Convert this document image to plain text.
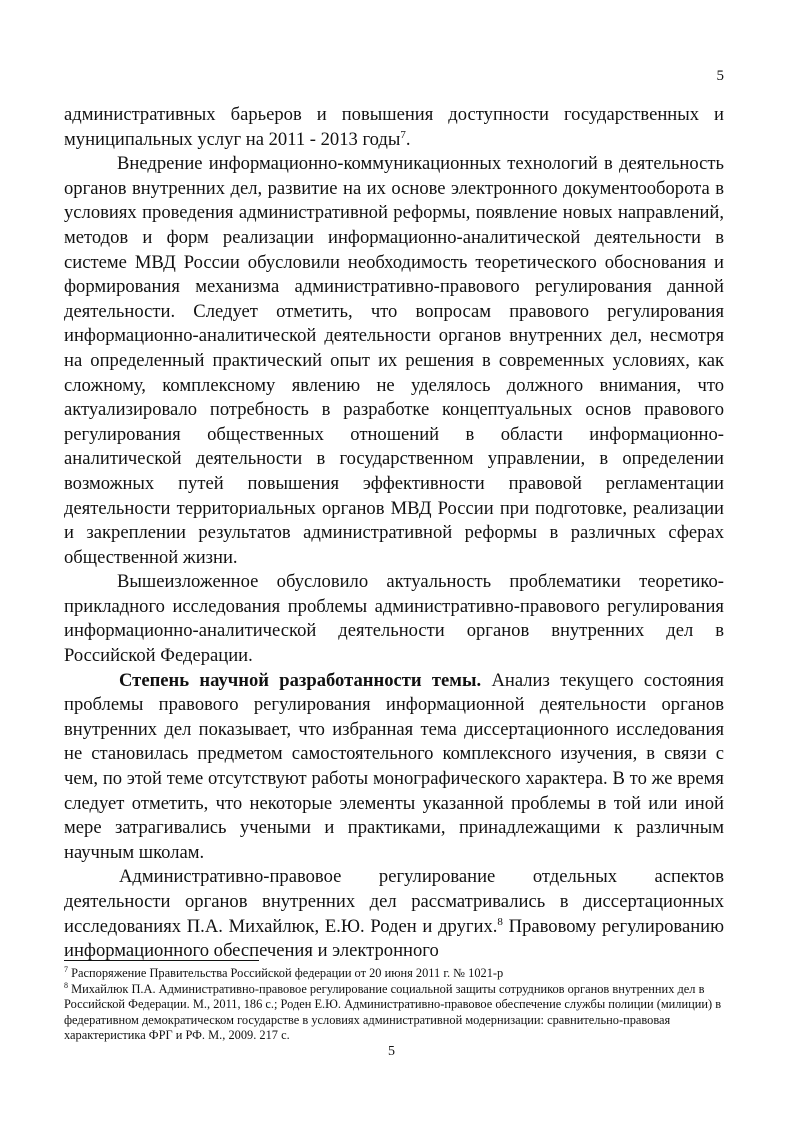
5

административных барьеров и повышения доступности государственных и муниципальных услуг на 2011 - 2013 годы$^7$.

Внедрение информационно-коммуникационных технологий в деятельность органов внутренних дел, развитие на их основе электронного документооборота в условиях проведения административной реформы, появление новых направлений, методов и форм реализации информационно-аналитической деятельности в системе МВД России обусловили необходимость теоретического обоснования и формирования механизма административно-правового регулирования данной деятельности. Следует отметить, что вопросам правового регулирования информационно-аналитической деятельности органов внутренних дел, несмотря на определенный практический опыт их решения в современных условиях, как сложному, комплексному явлению не уделялось должного внимания, что актуализировало потребность в разработке концептуальных основ правового регулирования общественных отношений в области информационно-аналитической деятельности в государственном управлении, в определении возможных путей повышения эффективности правовой регламентации деятельности территориальных органов МВД России при подготовке, реализации и закреплении результатов административной реформы в различных сферах общественной жизни.

Вышеизложенное обусловило актуальность проблематики теоретико-прикладного исследования проблемы административно-правового регулирования информационно-аналитической деятельности органов внутренних дел в Российской Федерации.

Степень научной разработанности темы. Анализ текущего состояния проблемы правового регулирования информационной деятельности органов внутренних дел показывает, что избранная тема диссертационного исследования не становилась предметом самостоятельного комплексного изучения, в связи с чем, по этой теме отсутствуют работы монографического характера. В то же время следует отметить, что некоторые элементы указанной проблемы в той или иной мере затрагивались учеными и практиками, принадлежащими к различным научным школам.

Административно-правовое регулирование отдельных аспектов деятельности органов внутренних дел рассматривались в диссертационных исследованиях П.А. Михайлюк, Е.Ю. Роден и других.$^8$ Правовому регулированию информационного обеспечения и электронного

$^7$ Распоряжение Правительства Российской федерации от 20 июня 2011 г. № 1021-р

$^8$ Михайлюк П.А. Административно-правовое регулирование социальной защиты сотрудников органов внутренних дел в Российской Федерации. М., 2011, 186 с.; Роден Е.Ю. Административно-правовое обеспечение службы полиции (милиции) в федеративном демократическом государстве в условиях административной модернизации: сравнительно-правовая характеристика ФРГ и РФ. М., 2009. 217 с.

5
